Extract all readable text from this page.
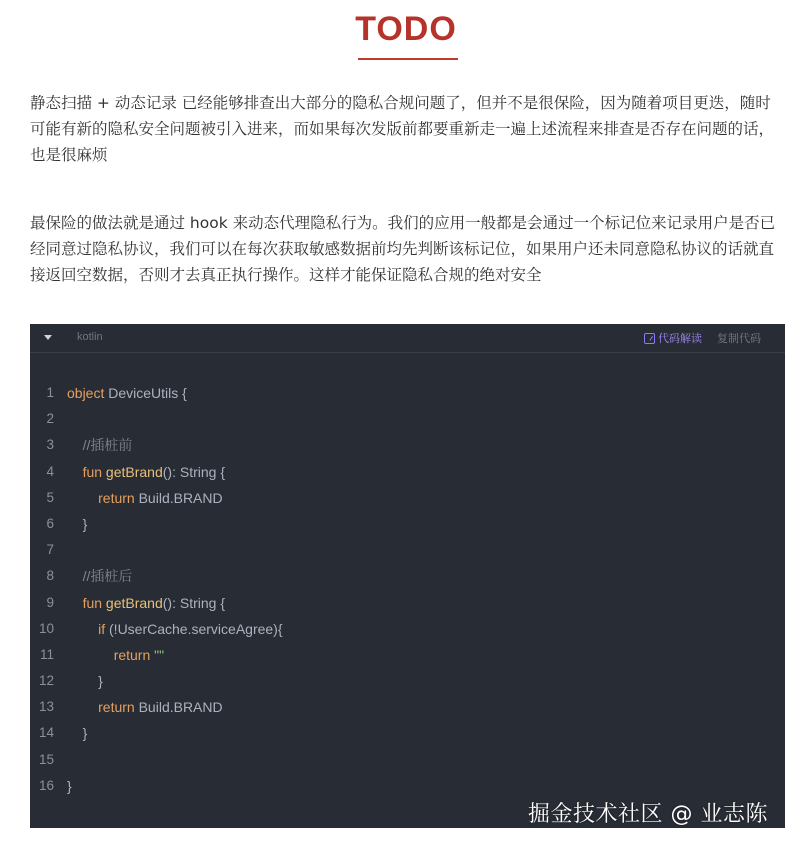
TODO

静态扫描 + 动态记录 已经能够排查出大部分的隐私合规问题了，但并不是很保险，因为随着项目更迭，随时可能有新的隐私安全问题被引入进来，而如果每次发版前都要重新走一遍上述流程来排查是否存在问题的话，也是很麻烦

最保险的做法就是通过 hook 来动态代理隐私行为。我们的应用一般都是会通过一个标记位来记录用户是否已经同意过隐私协议，我们可以在每次获取敏感数据前均先判断该标记位，如果用户还未同意隐私协议的话就直接返回空数据，否则才去真正执行操作。这样才能保证隐私合规的绝对安全

kotlin	代码解读 复制代码
1 object DeviceUtils {
2
3	//插桩前
4	fun getBrand(): String {
5	return Build.BRAND
6	}
7
8	//插桩后
9	fun getBrand(): String {
10	if (!UserCache.serviceAgree){
11	return ""
12	}
13	return Build.BRAND
14	}
15
16 }
掘金技术社区 @ 业志陈
